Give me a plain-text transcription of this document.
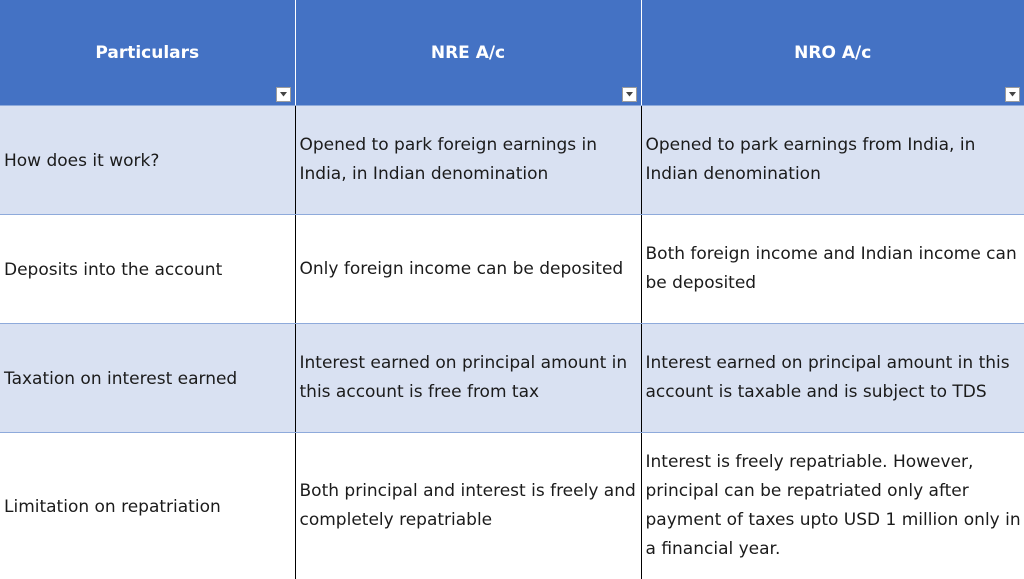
Particulars	NRE A/c	NRO A/c

How does it work?	Opened to park foreign earnings in India, in Indian denomination	Opened to park earnings from India, in Indian denomination
Deposits into the account	Only foreign income can be deposited	Both foreign income and Indian income can be deposited
Taxation on interest earned	Interest earned on principal amount in this account is free from tax	Interest earned on principal amount in this account is taxable and is subject to TDS
Limitation on repatriation	Both principal and interest is freely and completely repatriable	Interest is freely repatriable. However, principal can be repatriated only after payment of taxes upto USD 1 million only in a financial year.
